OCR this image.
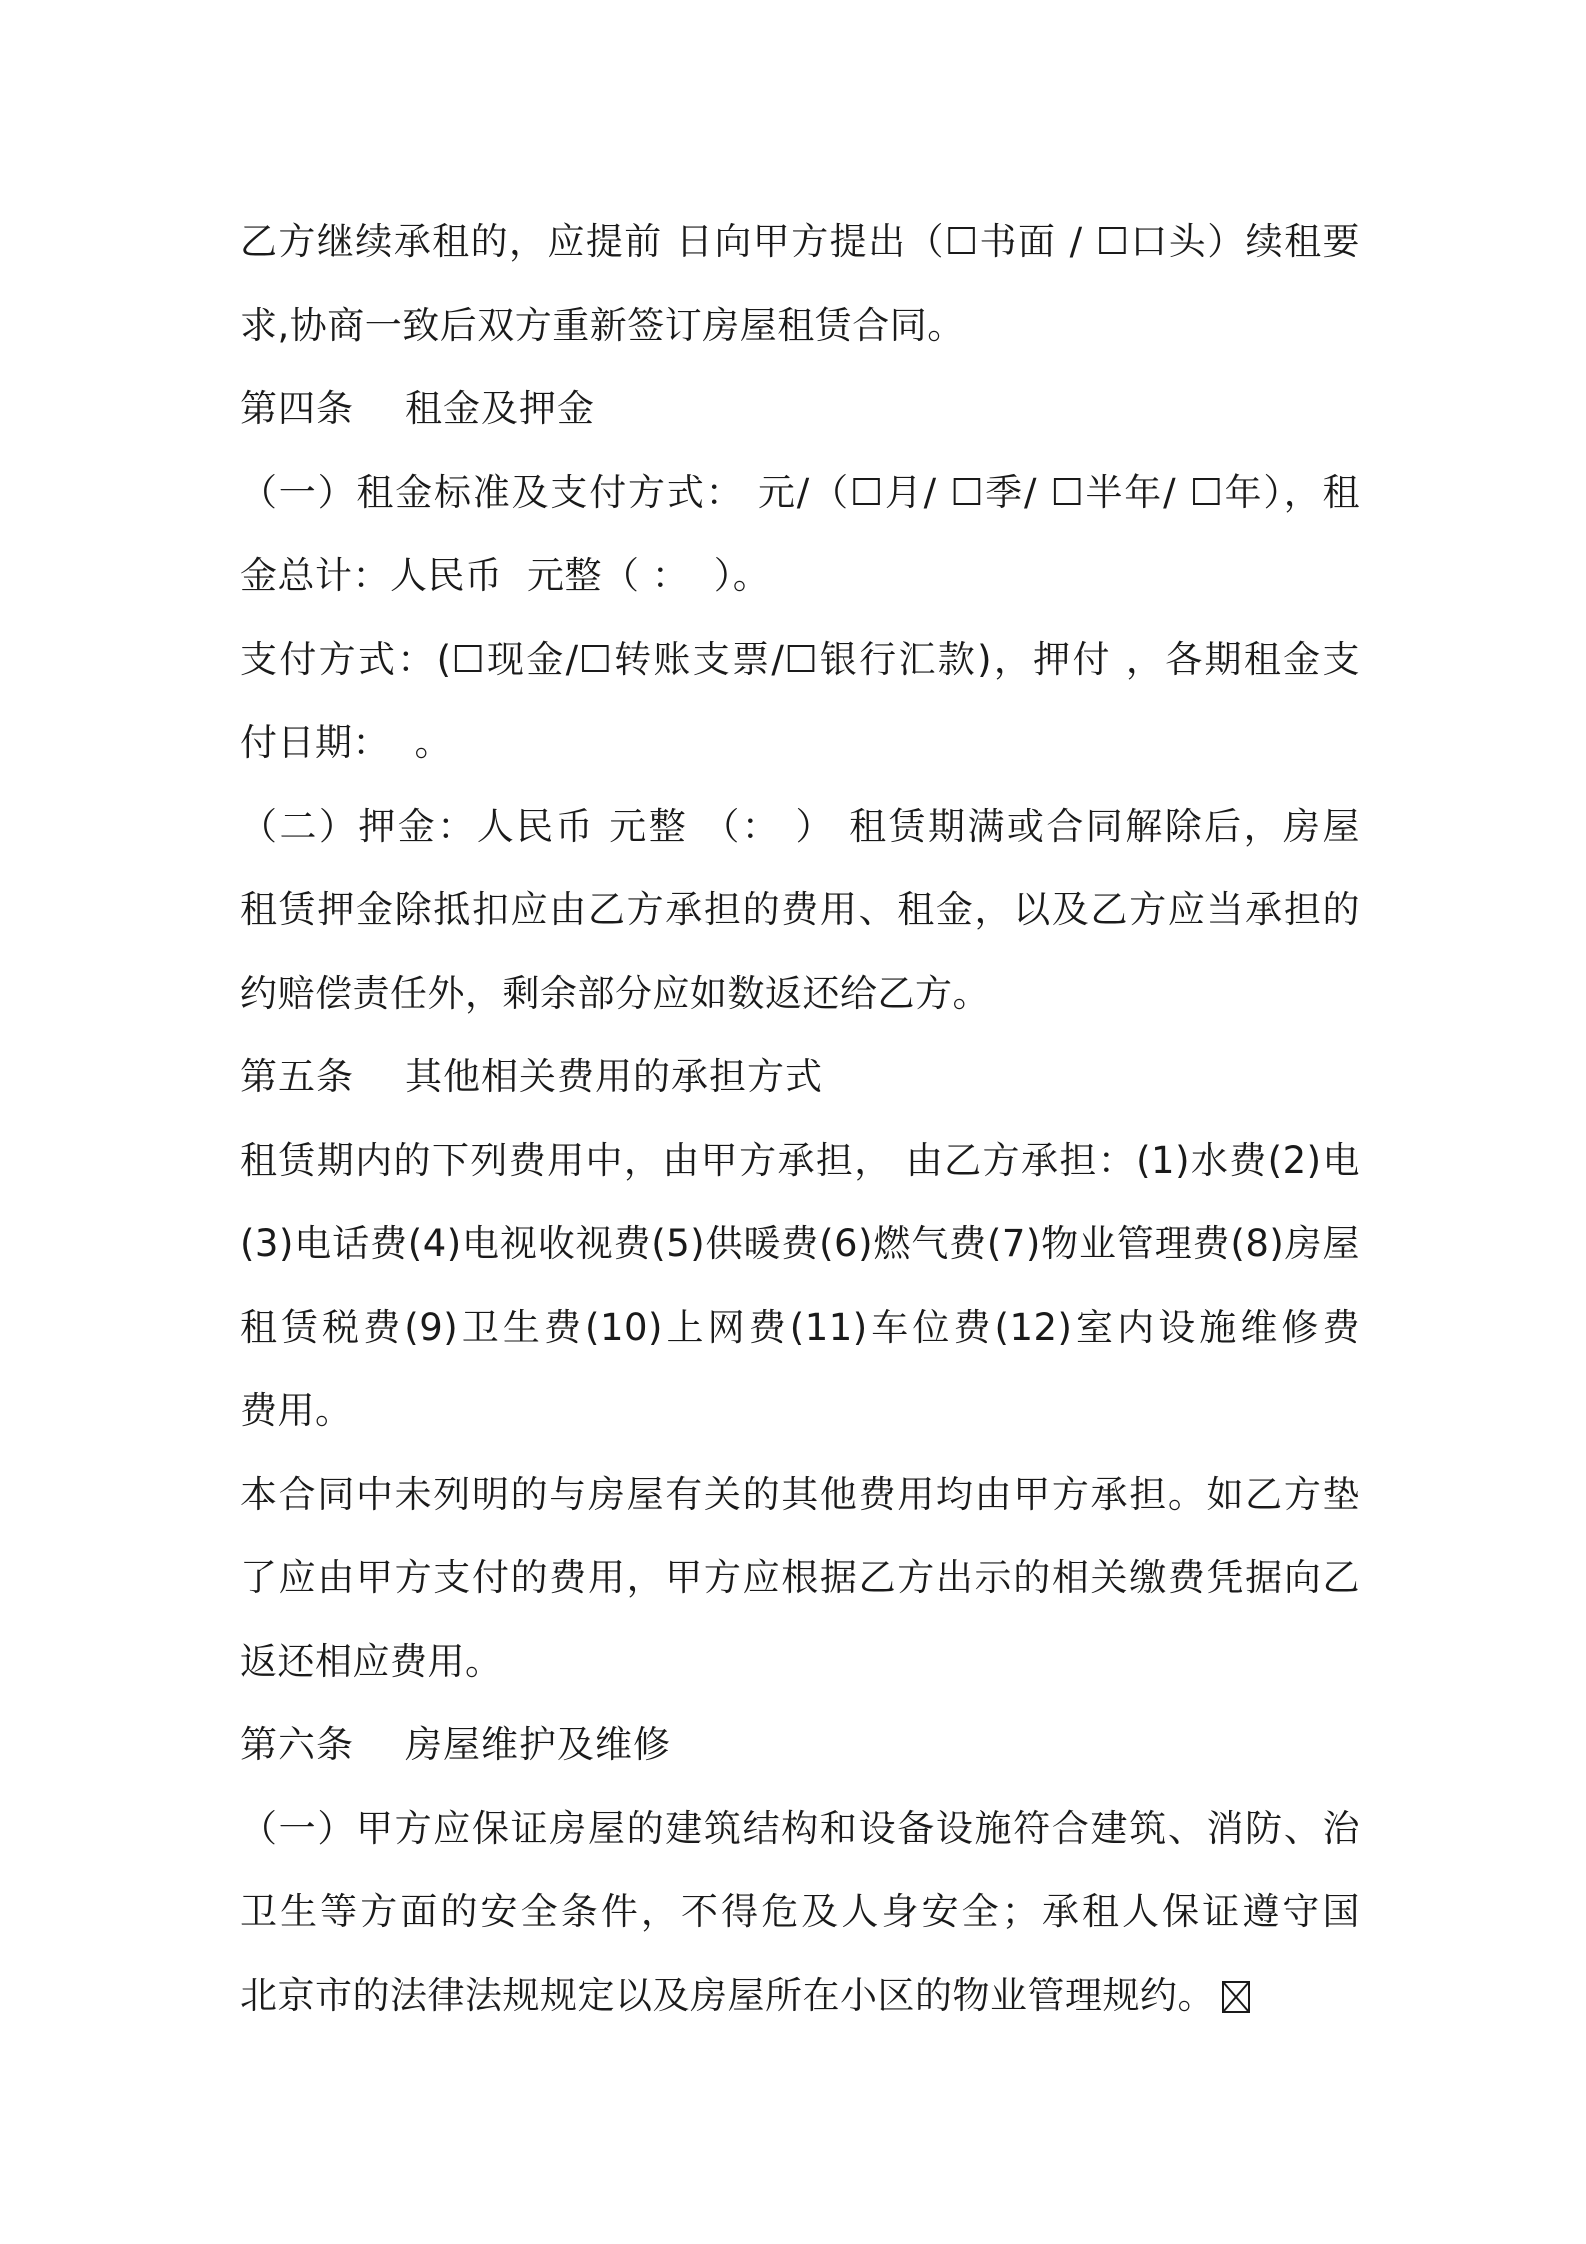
乙方继续承租的，应提前 日向甲方提出（☐书面 / ☐口头）续租要
求,协商一致后双方重新签订房屋租赁合同。
第四条    租金及押金
（一）租金标准及支付方式： 元/（☐月/ ☐季/ ☐半年/ ☐年），租
金总计：人民币  元整（ ：  ）。
支付方式：(☐现金/☐转账支票/☐银行汇款)，押付 ，各期租金支
付日期：  。
（二）押金：人民币 元整 （： ） 租赁期满或合同解除后，房屋
租赁押金除抵扣应由乙方承担的费用、租金，以及乙方应当承担的
约赔偿责任外，剩余部分应如数返还给乙方。
第五条    其他相关费用的承担方式
租赁期内的下列费用中，由甲方承担， 由乙方承担：(1)水费(2)电
(3)电话费(4)电视收视费(5)供暖费(6)燃气费(7)物业管理费(8)房屋
租赁税费(9)卫生费(10)上网费(11)车位费(12)室内设施维修费
费用。
本合同中未列明的与房屋有关的其他费用均由甲方承担。如乙方垫
了应由甲方支付的费用，甲方应根据乙方出示的相关缴费凭据向乙
返还相应费用。
第六条    房屋维护及维修
（一）甲方应保证房屋的建筑结构和设备设施符合建筑、消防、治
卫生等方面的安全条件，不得危及人身安全；承租人保证遵守国
北京市的法律法规规定以及房屋所在小区的物业管理规约。
